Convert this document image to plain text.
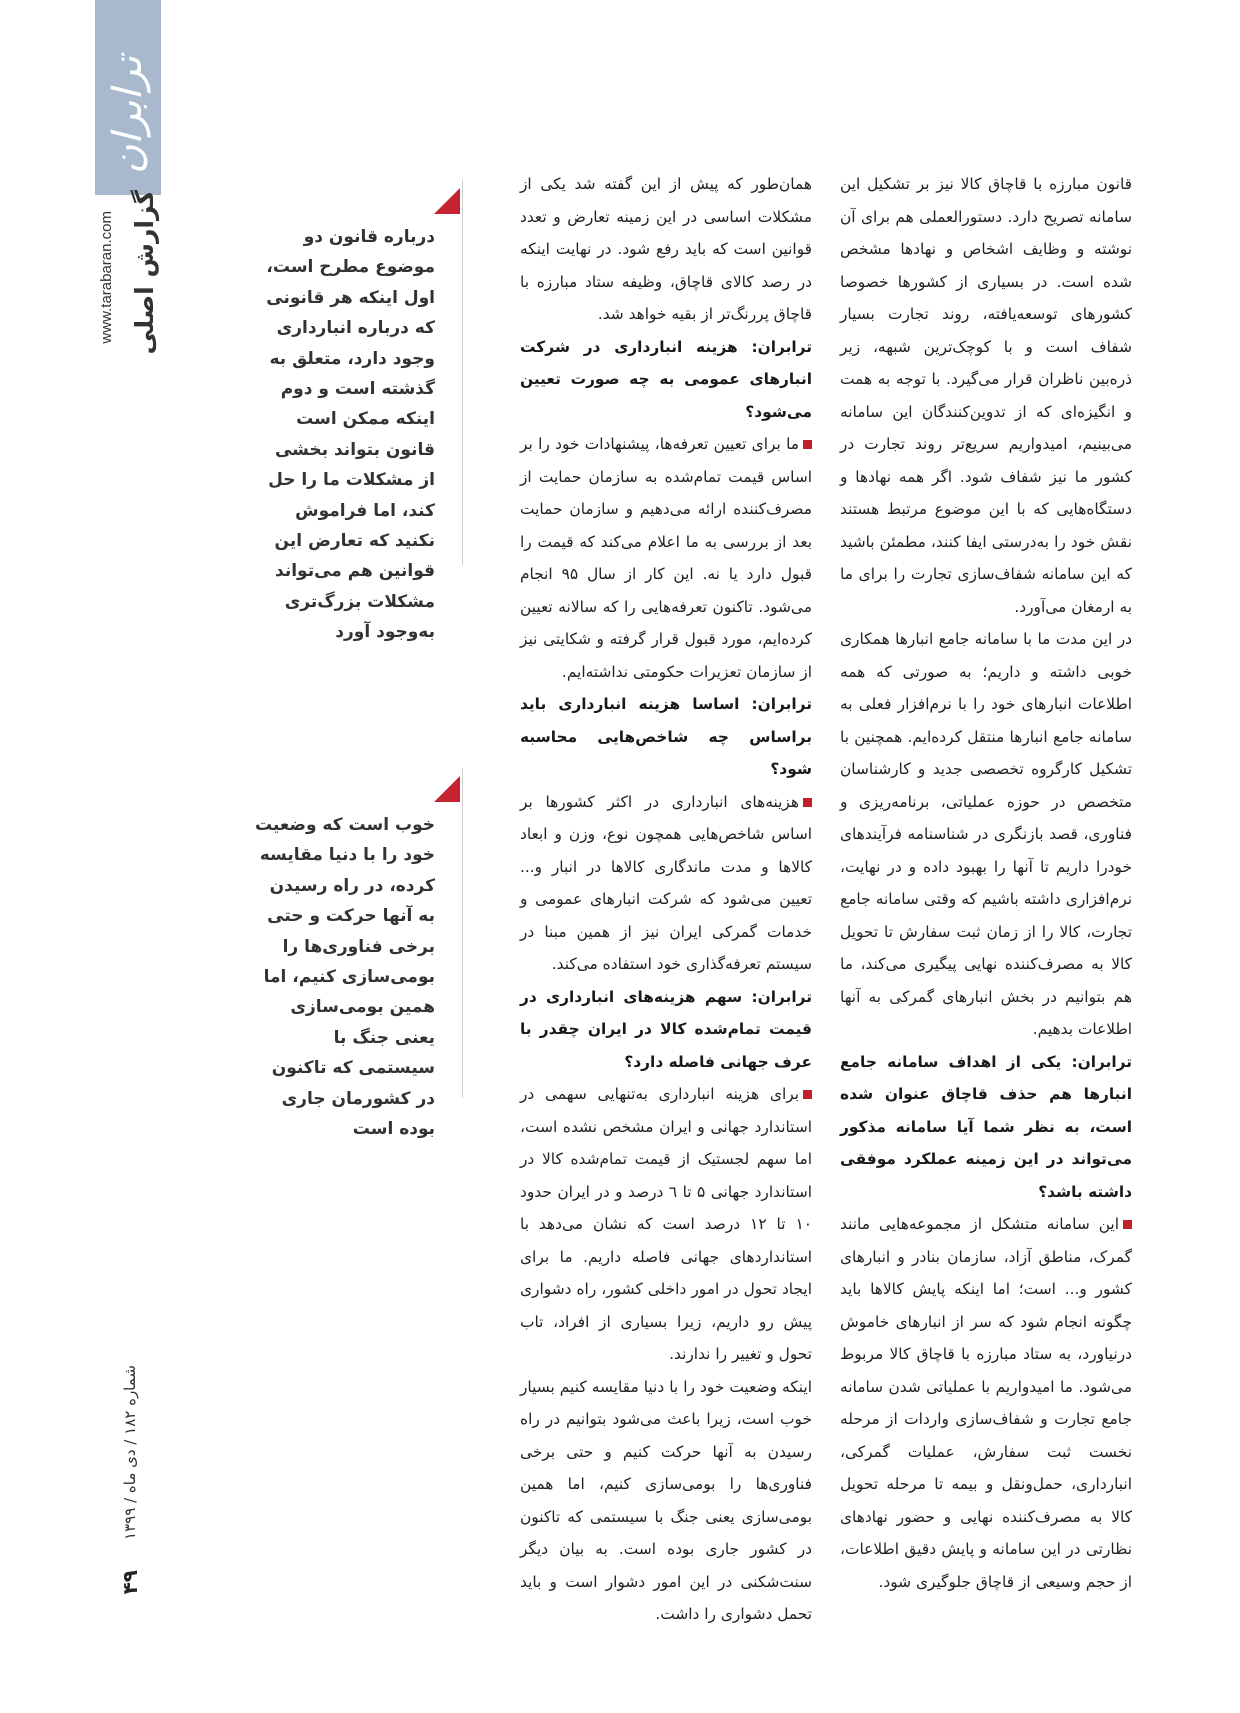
ترابران
گزارش اصلی
www.tarabaran.com
شماره ۱۸۲ / دی ماه / ۱۳۹۹
۴۹
درباره قانون دو موضوع مطرح است، اول اینکه هر قانونی که درباره انبارداری وجود دارد، متعلق به گذشته است و دوم اینکه ممکن است قانون بتواند بخشی از مشکلات ما را حل کند، اما فراموش نکنید که تعارض این قوانین هم می‌تواند مشکلات بزرگ‌تری به‌وجود آورد
خوب است که وضعیت خود را با دنیا مقایسه کرده، در راه رسیدن به آنها حرکت و حتی برخی فناوری‌ها را بومی‌سازی کنیم، اما همین بومی‌سازی یعنی جنگ با سیستمی که تاکنون در کشورمان جاری بوده است

قانون مبارزه با قاچاق کالا نیز بر تشکیل این سامانه تصریح دارد. دستورالعملی هم برای آن نوشته و وظایف اشخاص و نهادها مشخص شده است. در بسیاری از کشورها خصوصا کشورهای توسعه‌یافته، روند تجارت بسیار شفاف است و با کوچک‌ترین شبهه، زیر ذره‌بین ناظران قرار می‌گیرد. با توجه به همت و انگیزه‌ای که از تدوین‌کنندگان این سامانه می‌بینیم، امیدواریم سریع‌تر روند تجارت در کشور ما نیز شفاف شود. اگر همه نهادها و دستگاه‌هایی که با این موضوع مرتبط هستند نقش خود را به‌درستی ایفا کنند، مطمئن باشید که این سامانه شفاف‌سازی تجارت را برای ما به ارمغان می‌آورد.

در این مدت ما با سامانه جامع انبارها همکاری خوبی داشته و داریم؛ به صورتی که همه اطلاعات انبارهای خود را با نرم‌افزار فعلی به سامانه جامع انبارها منتقل کرده‌ایم. همچنین با تشکیل کارگروه تخصصی جدید و کارشناسان متخصص در حوزه عملیاتی، برنامه‌ریزی و فناوری، قصد بازنگری در شناسنامه فرآیندهای خودرا داریم تا آنها را بهبود داده و در نهایت، نرم‌افزاری داشته باشیم که وقتی سامانه جامع تجارت، کالا را از زمان ثبت سفارش تا تحویل کالا به مصرف‌کننده نهایی پیگیری می‌کند، ما هم بتوانیم در بخش انبارهای گمرکی به آنها اطلاعات بدهیم.

ترابران: یکی از اهداف سامانه جامع انبارها هم حذف قاچاق عنوان شده است، به نظر شما آیا سامانه مذکور می‌تواند در این زمینه عملکرد موفقی داشته باشد؟

این سامانه متشکل از مجموعه‌هایی مانند گمرک، مناطق آزاد، سازمان بنادر و انبارهای کشور و... است؛ اما اینکه پایش کالاها باید چگونه انجام شود که سر از انبارهای خاموش درنیاورد، به ستاد مبارزه با قاچاق کالا مربوط می‌شود. ما امیدواریم با عملیاتی شدن سامانه جامع تجارت و شفاف‌سازی واردات از مرحله نخست ثبت سفارش، عملیات گمرکی، انبارداری، حمل‌ونقل و بیمه تا مرحله تحویل کالا به مصرف‌کننده نهایی و حضور نهادهای نظارتی در این سامانه و پایش دقیق اطلاعات، از حجم وسیعی از قاچاق جلوگیری شود.

همان‌طور که پیش از این گفته شد یکی از مشکلات اساسی در این زمینه تعارض و تعدد قوانین است که باید رفع شود. در نهایت اینکه در رصد کالای قاچاق، وظیفه ستاد مبارزه با قاچاق پررنگ‌تر از بقیه خواهد شد.

ترابران: هزینه انبارداری در شرکت انبارهای عمومی به چه صورت تعیین می‌شود؟

ما برای تعیین تعرفه‌ها، پیشنهادات خود را بر اساس قیمت تمام‌شده به سازمان حمایت از مصرف‌کننده ارائه می‌دهیم و سازمان حمایت بعد از بررسی به ما اعلام می‌کند که قیمت را قبول دارد یا نه. این کار از سال ۹۵ انجام می‌شود. تاکنون تعرفه‌هایی را که سالانه تعیین کرده‌ایم، مورد قبول قرار گرفته و شکایتی نیز از سازمان تعزیرات حکومتی نداشته‌ایم.

ترابران: اساسا هزینه انبارداری باید براساس چه شاخص‌هایی محاسبه شود؟

هزینه‌های انبارداری در اکثر کشورها بر اساس شاخص‌هایی همچون نوع، وزن و ابعاد کالاها و مدت ماندگاری کالاها در انبار و... تعیین می‌شود که شرکت انبارهای عمومی و خدمات گمرکی ایران نیز از همین مبنا در سیستم تعرفه‌گذاری خود استفاده می‌کند.

ترابران: سهم هزینه‌های انبارداری در قیمت تمام‌شده کالا در ایران چقدر با عرف جهانی فاصله دارد؟

برای هزینه انبارداری به‌تنهایی سهمی در استاندارد جهانی و ایران مشخص نشده است، اما سهم لجستیک از قیمت تمام‌شده کالا در استاندارد جهانی ۵ تا ٦ درصد و در ایران حدود ۱۰ تا ۱۲ درصد است که نشان می‌دهد با استانداردهای جهانی فاصله داریم. ما برای ایجاد تحول در امور داخلی کشور، راه دشواری پیش رو داریم، زیرا بسیاری از افراد، تاب تحول و تغییر را ندارند.

اینکه وضعیت خود را با دنیا مقایسه کنیم بسیار خوب است، زیرا باعث می‌شود بتوانیم در راه رسیدن به آنها حرکت کنیم و حتی برخی فناوری‌ها را بومی‌سازی کنیم، اما همین بومی‌سازی یعنی جنگ با سیستمی که تاکنون در کشور جاری بوده است. به بیان دیگر سنت‌شکنی در این امور دشوار است و باید تحمل دشواری را داشت.
